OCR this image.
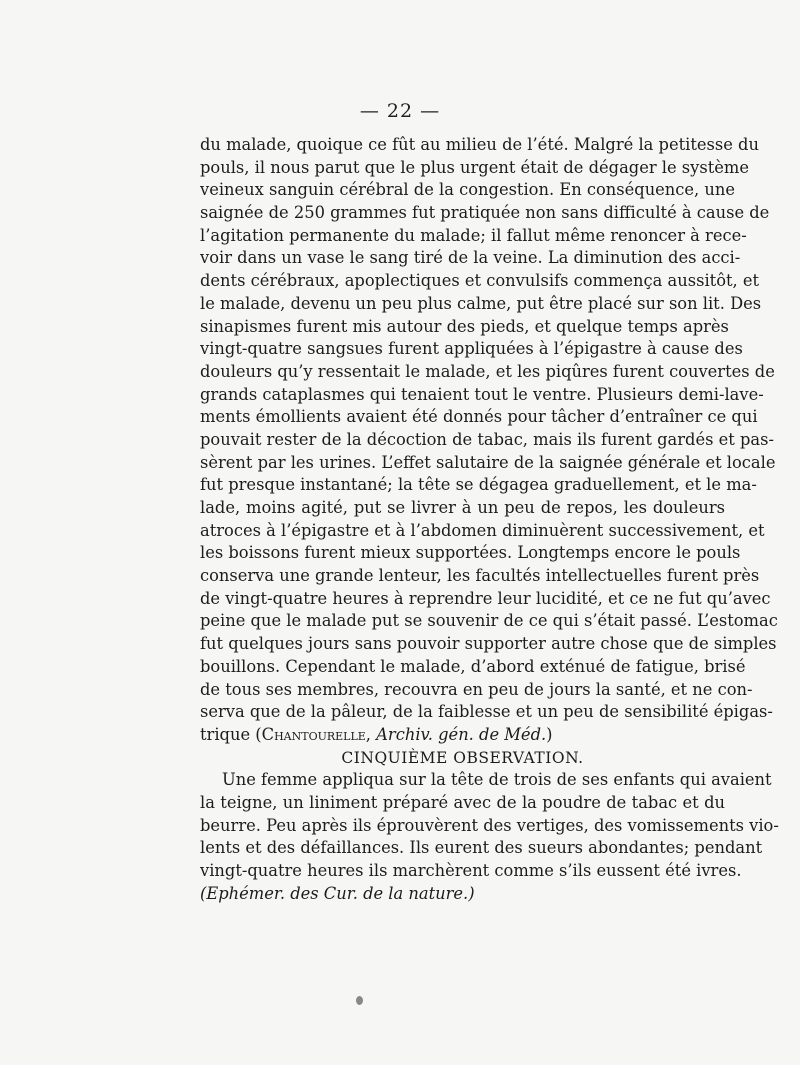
— 22 —
du malade, quoique ce fût au milieu de l’été. Malgré la petitesse du
pouls, il nous parut que le plus urgent était de dégager le système
veineux sanguin cérébral de la congestion. En conséquence, une
saignée de 250 grammes fut pratiquée non sans difficulté à cause de
l’agitation permanente du malade; il fallut même renoncer à rece-
voir dans un vase le sang tiré de la veine. La diminution des acci-
dents cérébraux, apoplectiques et convulsifs commença aussitôt, et
le malade, devenu un peu plus calme, put être placé sur son lit. Des
sinapismes furent mis autour des pieds, et quelque temps après
vingt-quatre sangsues furent appliquées à l’épigastre à cause des
douleurs qu’y ressentait le malade, et les piqûres furent couvertes de
grands cataplasmes qui tenaient tout le ventre. Plusieurs demi-lave-
ments émollients avaient été donnés pour tâcher d’entraîner ce qui
pouvait rester de la décoction de tabac, mais ils furent gardés et pas-
sèrent par les urines. L’effet salutaire de la saignée générale et locale
fut presque instantané; la tête se dégagea graduellement, et le ma-
lade, moins agité, put se livrer à un peu de repos, les douleurs
atroces à l’épigastre et à l’abdomen diminuèrent successivement, et
les boissons furent mieux supportées. Longtemps encore le pouls
conserva une grande lenteur, les facultés intellectuelles furent près
de vingt-quatre heures à reprendre leur lucidité, et ce ne fut qu’avec
peine que le malade put se souvenir de ce qui s’était passé. L’estomac
fut quelques jours sans pouvoir supporter autre chose que de simples
bouillons. Cependant le malade, d’abord exténué de fatigue, brisé
de tous ses membres, recouvra en peu de jours la santé, et ne con-
serva que de la pâleur, de la faiblesse et un peu de sensibilité épigas-
trique (Chantourelle, Archiv. gén. de Méd.)
CINQUIÈME OBSERVATION.
Une femme appliqua sur la tête de trois de ses enfants qui avaient
la teigne, un liniment préparé avec de la poudre de tabac et du
beurre. Peu après ils éprouvèrent des vertiges, des vomissements vio-
lents et des défaillances. Ils eurent des sueurs abondantes; pendant
vingt-quatre heures ils marchèrent comme s’ils eussent été ivres.
(Ephémer. des Cur. de la nature.)
